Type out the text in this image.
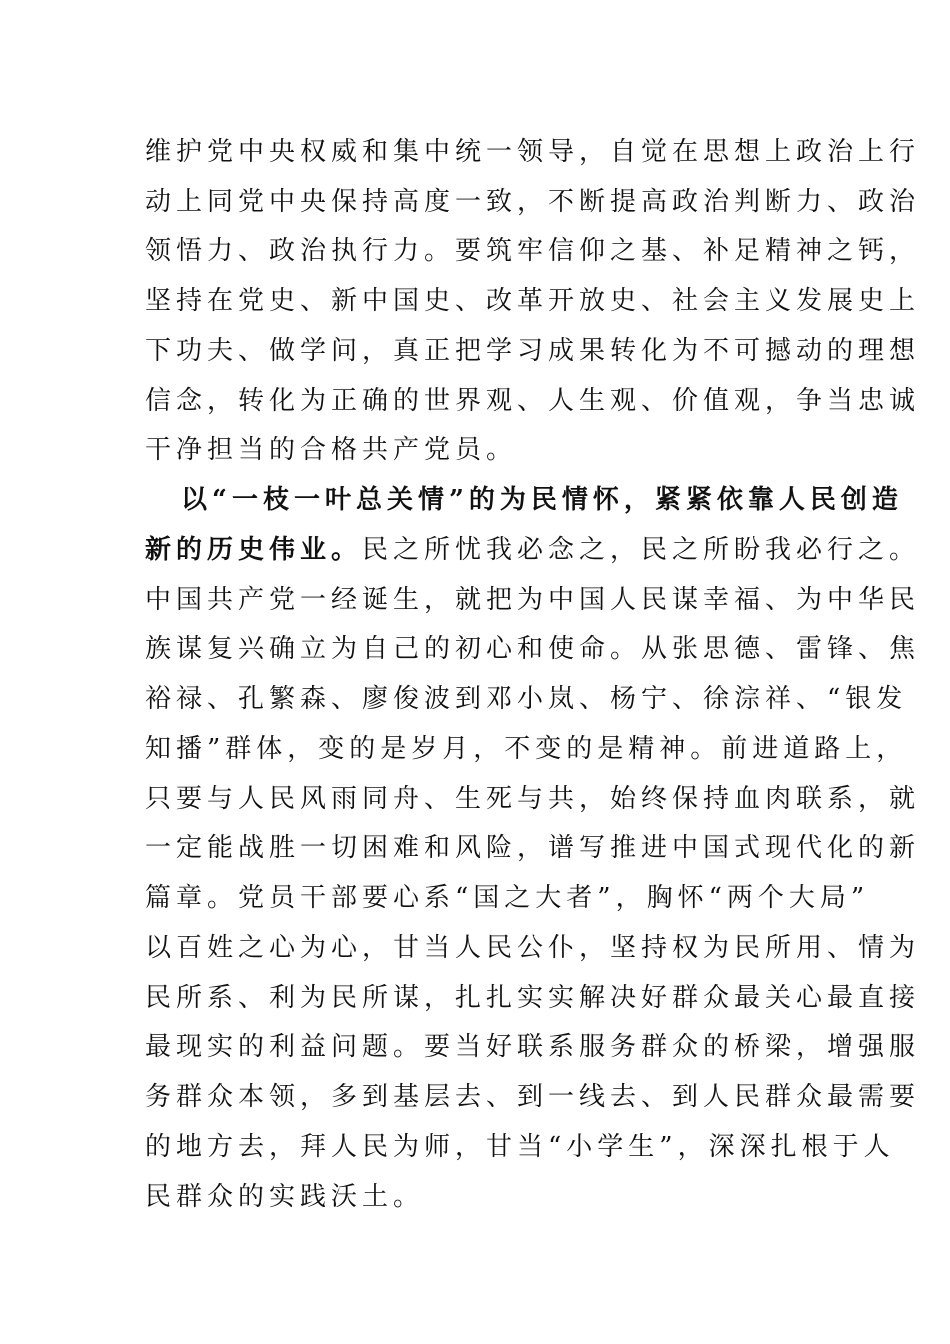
维护党中央权威和集中统一领导，自觉在思想上政治上行
动上同党中央保持高度一致，不断提高政治判断力、政治
领悟力、政治执行力。要筑牢信仰之基、补足精神之钙，
坚持在党史、新中国史、改革开放史、社会主义发展史上
下功夫、做学问，真正把学习成果转化为不可撼动的理想
信念，转化为正确的世界观、人生观、价值观，争当忠诚
干净担当的合格共产党员。
以“一枝一叶总关情”的为民情怀，紧紧依靠人民创造
新的历史伟业。民之所忧我必念之，民之所盼我必行之。
中国共产党一经诞生，就把为中国人民谋幸福、为中华民
族谋复兴确立为自己的初心和使命。从张思德、雷锋、焦
裕禄、孔繁森、廖俊波到邓小岚、杨宁、徐淙祥、“银发
知播”群体，变的是岁月，不变的是精神。前进道路上，
只要与人民风雨同舟、生死与共，始终保持血肉联系，就
一定能战胜一切困难和风险，谱写推进中国式现代化的新
篇章。党员干部要心系“国之大者”，胸怀“两个大局”
以百姓之心为心，甘当人民公仆，坚持权为民所用、情为
民所系、利为民所谋，扎扎实实解决好群众最关心最直接
最现实的利益问题。要当好联系服务群众的桥梁，增强服
务群众本领，多到基层去、到一线去、到人民群众最需要
的地方去，拜人民为师，甘当“小学生”，深深扎根于人
民群众的实践沃土。
